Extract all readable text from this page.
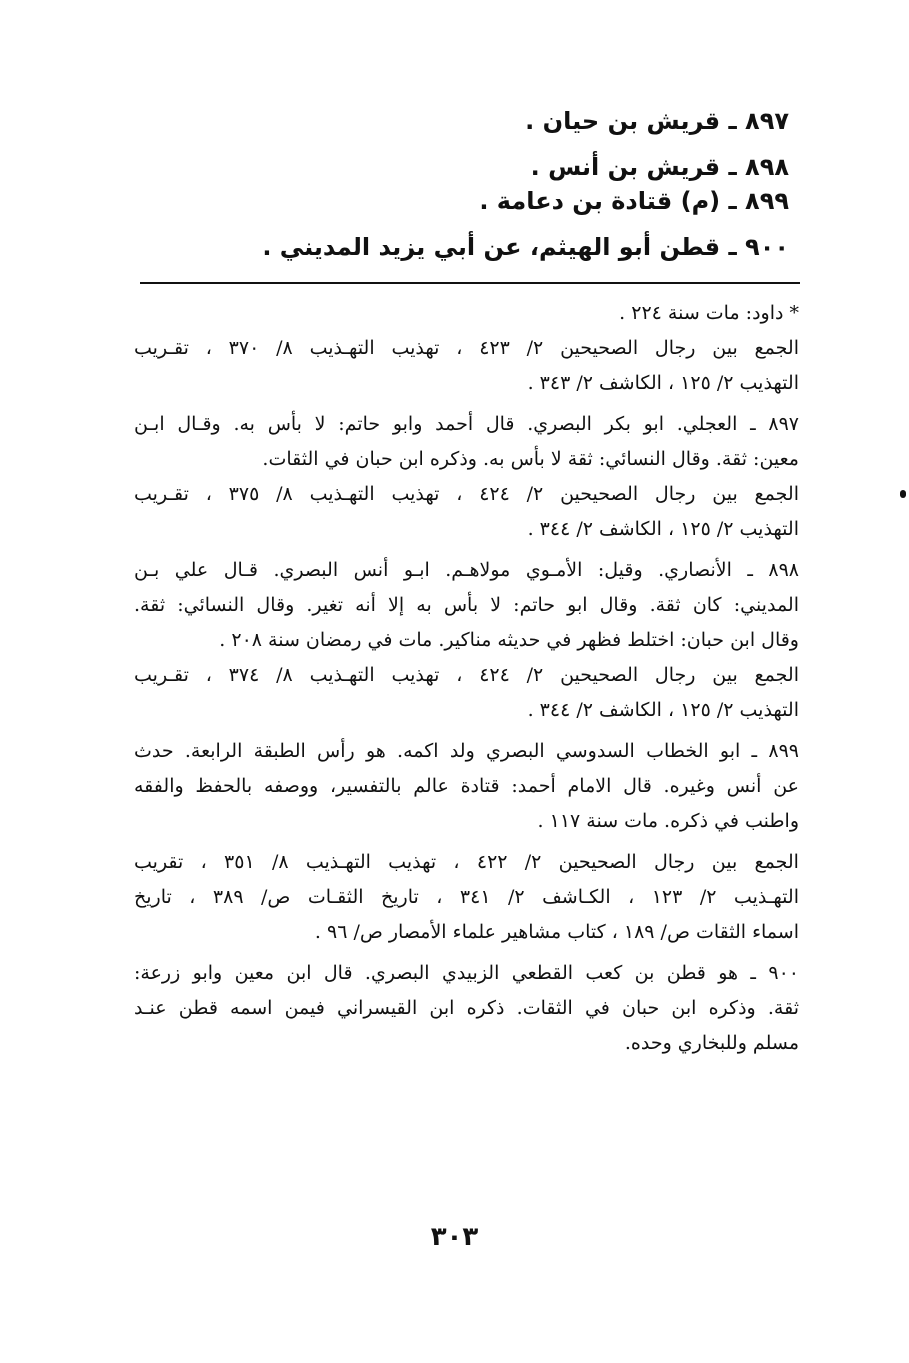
٨٩٧ ـ قريش بن حيان .
٨٩٨ ـ قريش بن أنس .
٨٩٩ ـ (م) قتادة بن دعامة .
٩٠٠ ـ قطن أبو الهيثم، عن أبي يزيد المديني .
* داود: مات سنة ٢٢٤ .
الجمع بين رجال الصحيحين ٢/ ٤٢٣ ، تهذيب التهـذيب ٨/ ٣٧٠ ، تقـريب
التهذيب ٢/ ١٢٥ ، الكاشف ٢/ ٣٤٣ .
٨٩٧ ـ العجلي. ابو بكر البصري. قال أحمد وابو حاتم: لا بأس به. وقـال ابـن
معين: ثقة. وقال النسائي: ثقة لا بأس به. وذكره ابن حبان في الثقات.
الجمع بين رجال الصحيحين ٢/ ٤٢٤ ، تهذيب التهـذيب ٨/ ٣٧٥ ، تقـريب
التهذيب ٢/ ١٢٥ ، الكاشف ٢/ ٣٤٤ .
٨٩٨ ـ الأنصاري. وقيل: الأمـوي مولاهـم. ابـو أنس البصري. قـال علي بـن
المديني: كان ثقة. وقال ابو حاتم: لا بأس به إلا أنه تغير. وقال النسائي: ثقة.
وقال ابن حبان: اختلط فظهر في حديثه مناكير. مات في رمضان سنة ٢٠٨ .
الجمع بين رجال الصحيحين ٢/ ٤٢٤ ، تهذيب التهـذيب ٨/ ٣٧٤ ، تقـريب
التهذيب ٢/ ١٢٥ ، الكاشف ٢/ ٣٤٤ .
٨٩٩ ـ ابو الخطاب السدوسي البصري ولد اكمه. هو رأس الطبقة الرابعة. حدث
عن أنس وغيره. قال الامام أحمد: قتادة عالم بالتفسير، ووصفه بالحفظ والفقه
واطنب في ذكره. مات سنة ١١٧ .
الجمع بين رجال الصحيحين ٢/ ٤٢٢ ، تهذيب التهـذيب ٨/ ٣٥١ ، تقريب
التهـذيب ٢/ ١٢٣ ، الكـاشف ٢/ ٣٤١ ، تاريخ الثقـات ص/ ٣٨٩ ، تاريخ
اسماء الثقات ص/ ١٨٩ ، كتاب مشاهير علماء الأمصار ص/ ٩٦ .
٩٠٠ ـ هو قطن بن كعب القطعي الزبيدي البصري. قال ابن معين وابو زرعة:
ثقة. وذكره ابن حبان في الثقات. ذكره ابن القيسراني فيمن اسمه قطن عنـد
مسلم وللبخاري وحده.
٣٠٣
